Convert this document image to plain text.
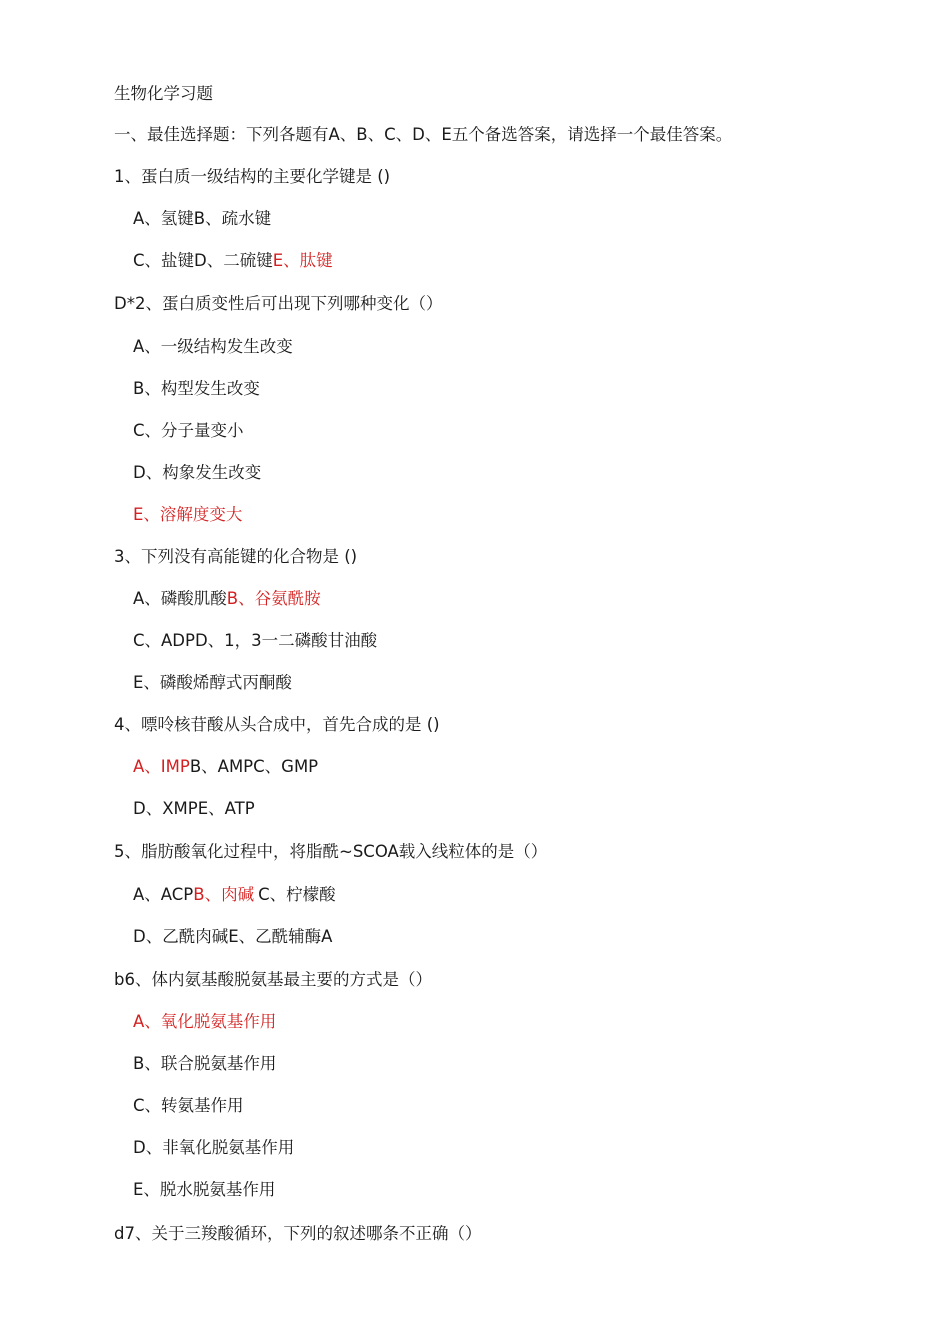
生物化学习题
一、最佳选择题：下列各题有A、B、C、D、E五个备选答案，请选择一个最佳答案。
1、蛋白质一级结构的主要化学键是 ()
A、氢键B、疏水键
C、盐键D、二硫键E、肽键
D*2、蛋白质变性后可出现下列哪种变化（）
A、一级结构发生改变
B、构型发生改变
C、分子量变小
D、构象发生改变
E、溶解度变大
3、下列没有高能键的化合物是 ()
A、磷酸肌酸B、谷氨酰胺
C、ADPD、1，3一二磷酸甘油酸
E、磷酸烯醇式丙酮酸
4、嘌呤核苷酸从头合成中，首先合成的是 ()
A、IMPB、AMPC、GMP
D、XMPE、ATP
5、脂肪酸氧化过程中，将脂酰~SCOA载入线粒体的是（）
A、ACPB、肉碱 C、柠檬酸
D、乙酰肉碱E、乙酰辅酶A
b6、体内氨基酸脱氨基最主要的方式是（）
A、氧化脱氨基作用
B、联合脱氨基作用
C、转氨基作用
D、非氧化脱氨基作用
E、脱水脱氨基作用
d7、关于三羧酸循环，下列的叙述哪条不正确（）
